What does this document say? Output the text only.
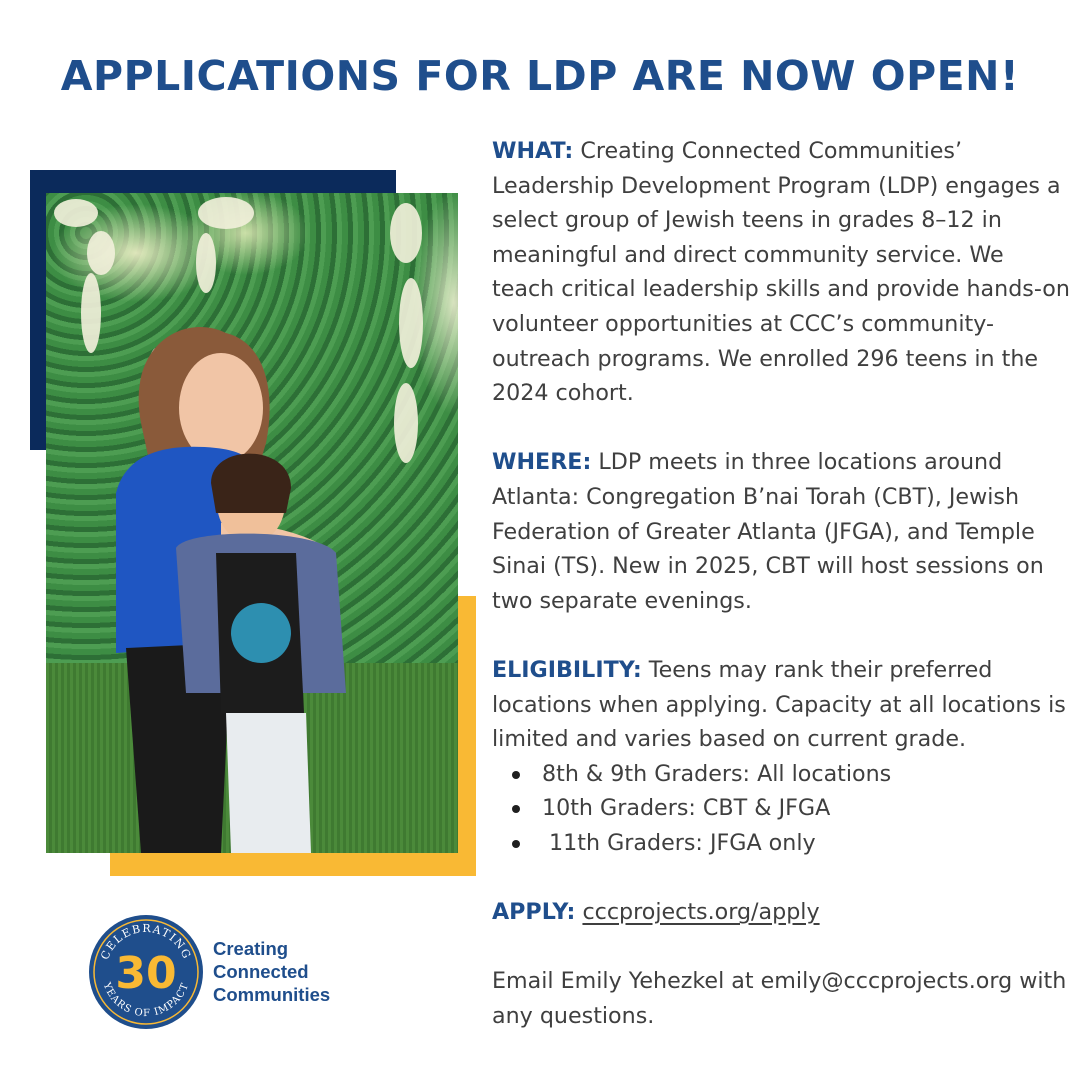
APPLICATIONS FOR LDP ARE NOW OPEN!

WHAT: Creating Connected Communities’ Leadership Development Program (LDP) engages a select group of Jewish teens in grades 8–12 in meaningful and direct community service. We teach critical leadership skills and provide hands-on volunteer opportunities at CCC’s community-outreach programs. We enrolled 296 teens in the 2024 cohort.

WHERE: LDP meets in three locations around Atlanta: Congregation B’nai Torah (CBT), Jewish Federation of Greater Atlanta (JFGA), and Temple Sinai (TS). New in 2025, CBT will host sessions on two separate evenings.

ELIGIBILITY: Teens may rank their preferred locations when applying. Capacity at all locations is limited and varies based on current grade.

8th & 9th Graders: All locations
10th Graders: CBT & JFGA
11th Graders: JFGA only

APPLY: cccprojects.org/apply

Email Emily Yehezkel at emily@cccprojects.org with any questions.

CELEBRATING
YEARS OF IMPACT
30 Creating
Connected
Communities
